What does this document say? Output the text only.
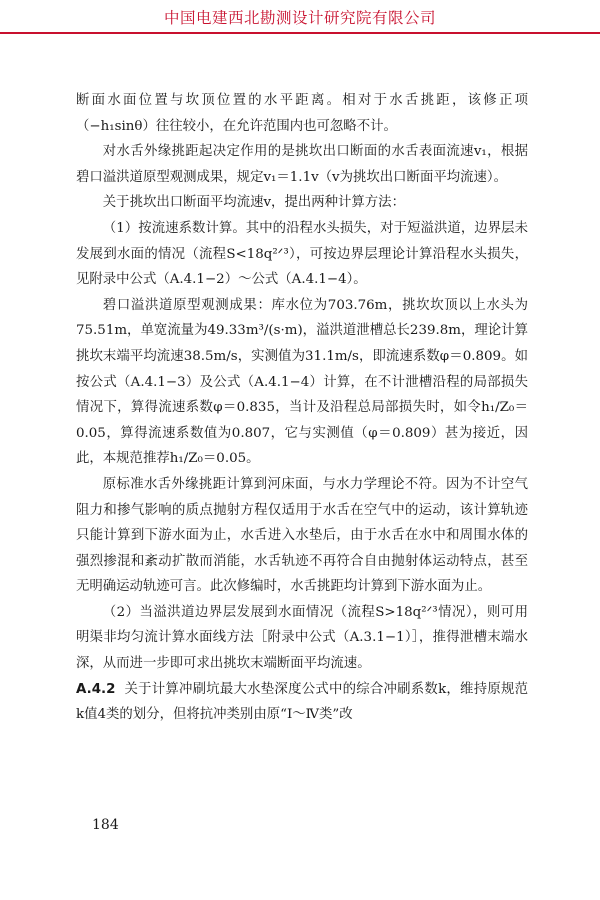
中国电建西北勘测设计研究院有限公司

断面水面位置与坎顶位置的水平距离。相对于水舌挑距，该修正项（−h₁sinθ）往往较小，在允许范围内也可忽略不计。

对水舌外缘挑距起决定作用的是挑坎出口断面的水舌表面流速v₁，根据碧口溢洪道原型观测成果，规定v₁＝1.1v（v为挑坎出口断面平均流速）。

关于挑坎出口断面平均流速v，提出两种计算方法：

（1）按流速系数计算。其中的沿程水头损失，对于短溢洪道，边界层未发展到水面的情况（流程S<18q²ᐟ³），可按边界层理论计算沿程水头损失，见附录中公式（A.4.1−2）～公式（A.4.1−4）。

碧口溢洪道原型观测成果：库水位为703.76m，挑坎坎顶以上水头为75.51m，单宽流量为49.33m³/(s·m)，溢洪道泄槽总长239.8m，理论计算挑坎末端平均流速38.5m/s，实测值为31.1m/s，即流速系数φ＝0.809。如按公式（A.4.1−3）及公式（A.4.1−4）计算，在不计泄槽沿程的局部损失情况下，算得流速系数φ＝0.835，当计及沿程总局部损失时，如令h₁/Z₀＝0.05，算得流速系数值为0.807，它与实测值（φ＝0.809）甚为接近，因此，本规范推荐h₁/Z₀＝0.05。

原标准水舌外缘挑距计算到河床面，与水力学理论不符。因为不计空气阻力和掺气影响的质点抛射方程仅适用于水舌在空气中的运动，该计算轨迹只能计算到下游水面为止，水舌进入水垫后，由于水舌在水中和周围水体的强烈掺混和紊动扩散而消能，水舌轨迹不再符合自由抛射体运动特点，甚至无明确运动轨迹可言。此次修编时，水舌挑距均计算到下游水面为止。

（2）当溢洪道边界层发展到水面情况（流程S>18q²ᐟ³情况），则可用明渠非均匀流计算水面线方法［附录中公式（A.3.1−1）］，推得泄槽末端水深，从而进一步即可求出挑坎末端断面平均流速。

A.4.2 关于计算冲刷坑最大水垫深度公式中的综合冲刷系数k，维持原规范k值4类的划分，但将抗冲类别由原“Ⅰ～Ⅳ类”改

184
